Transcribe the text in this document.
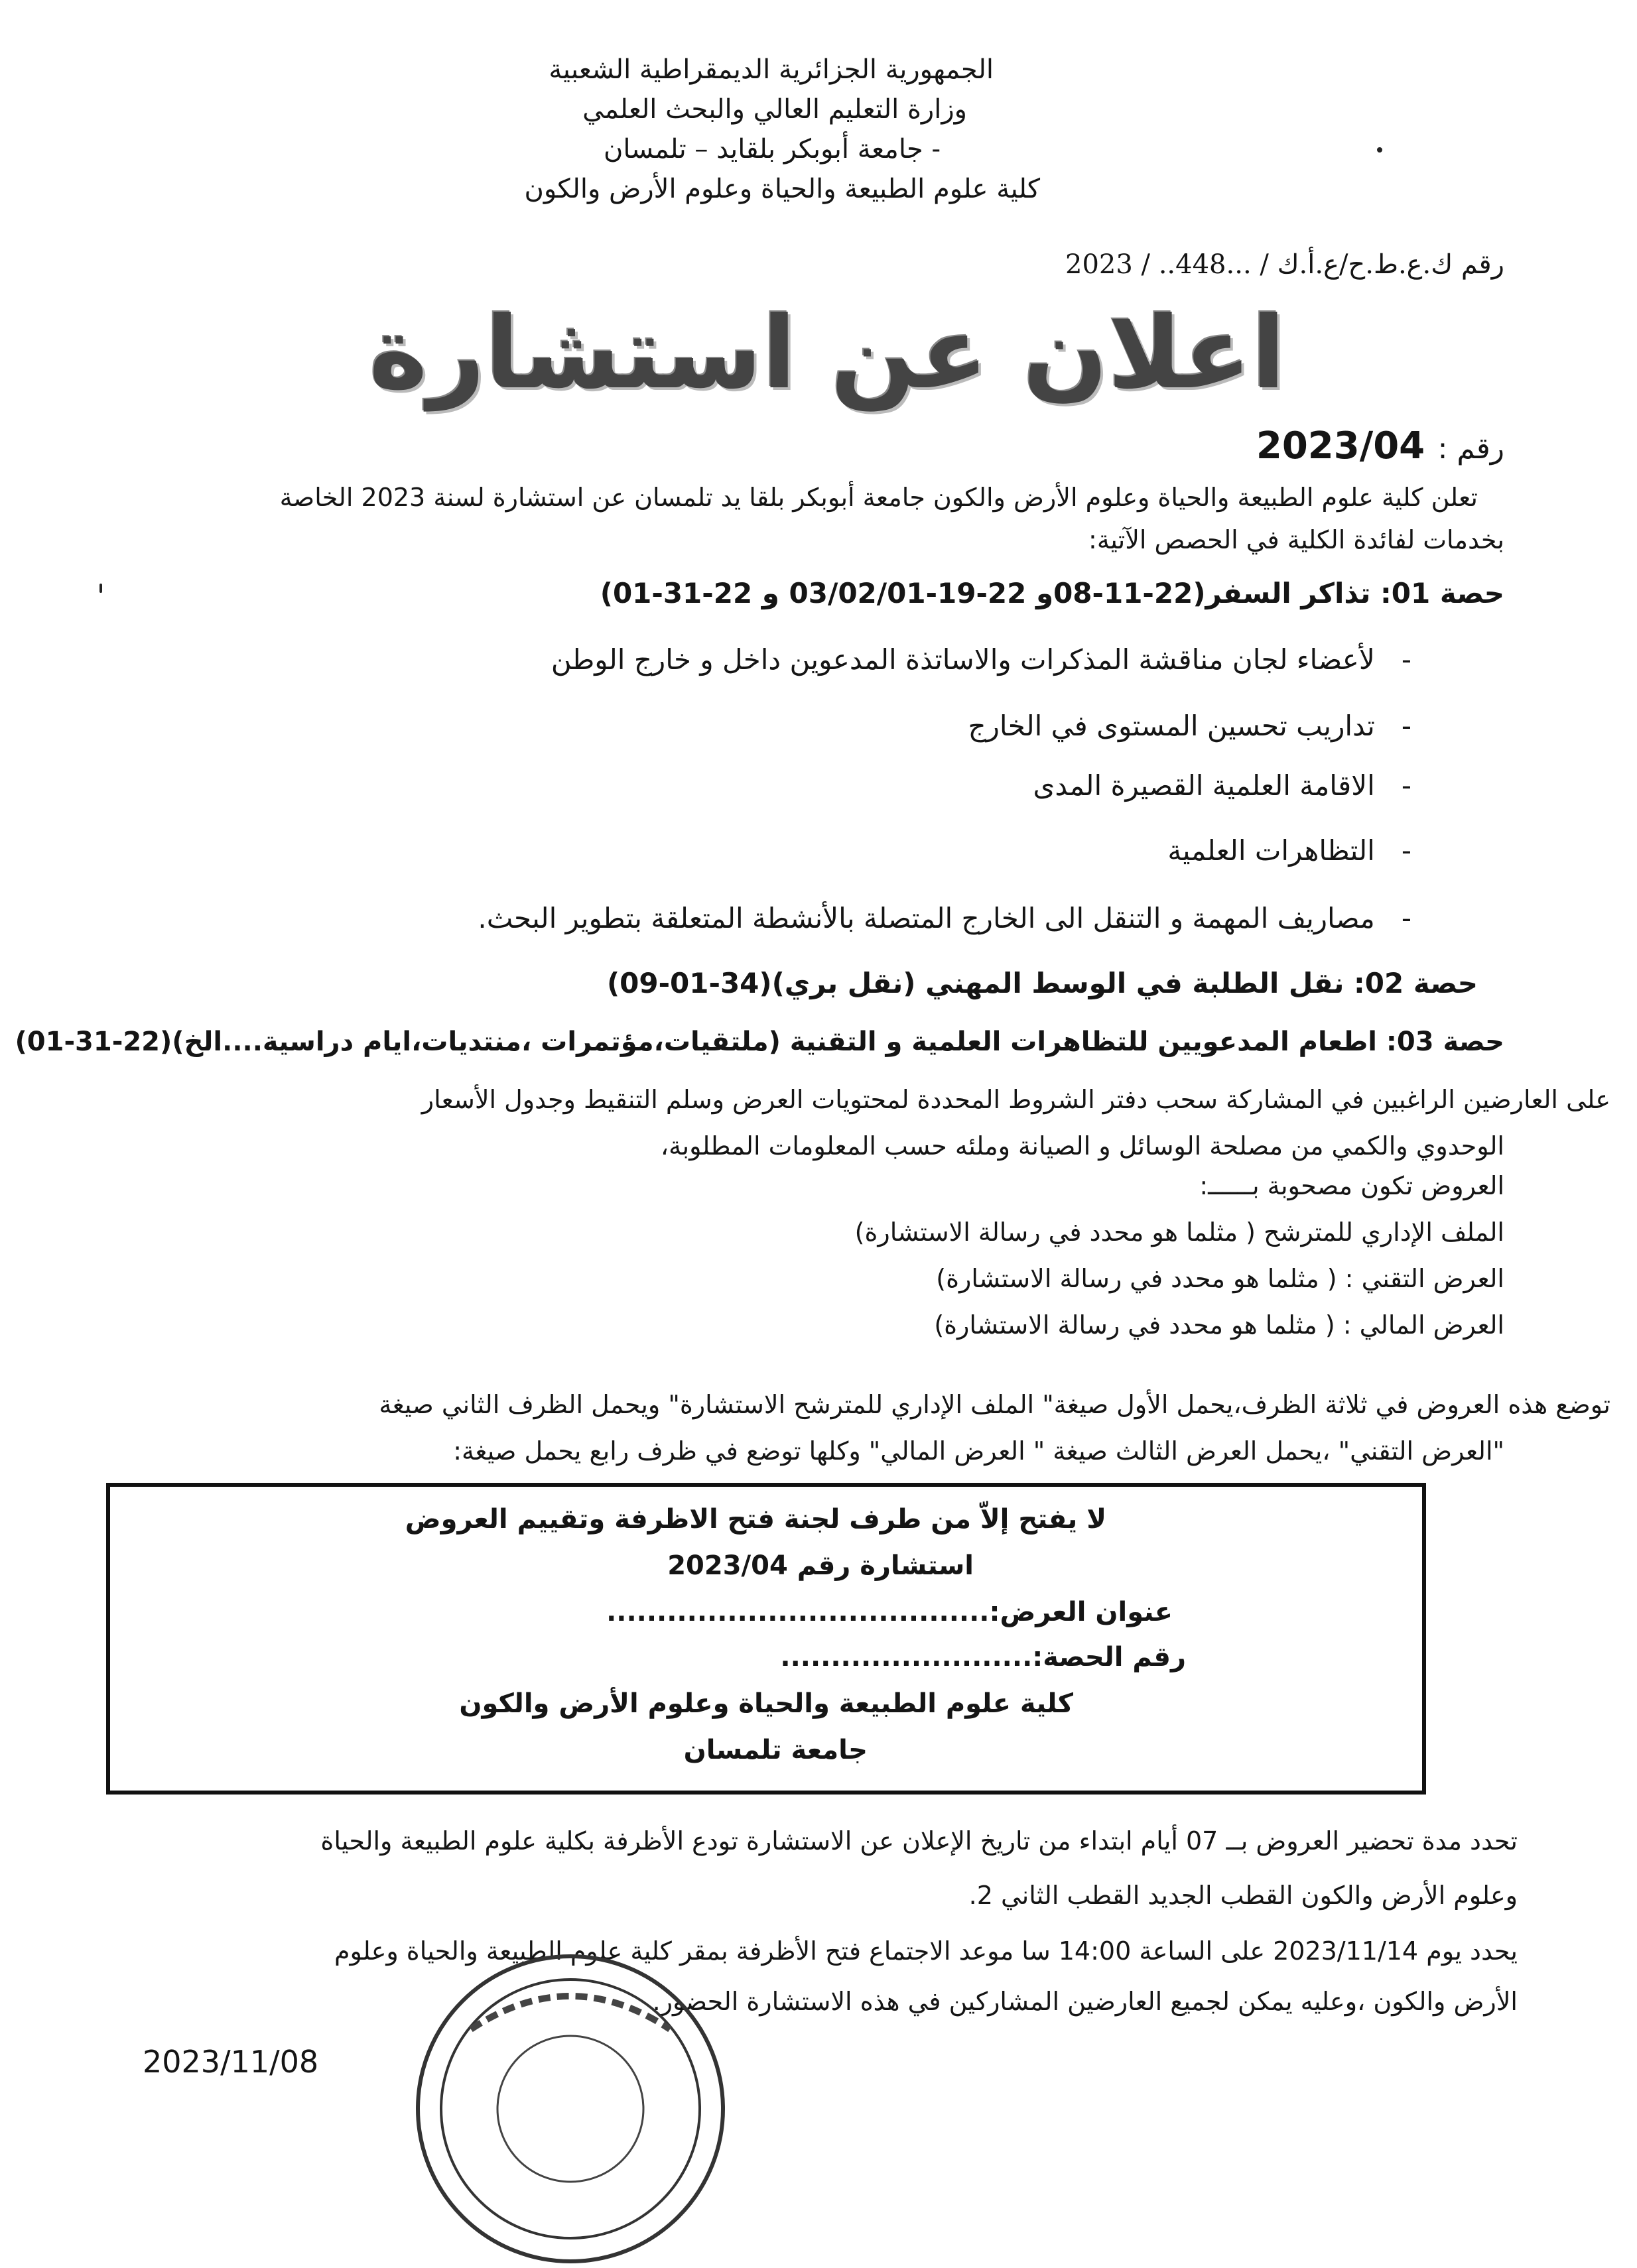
الجمهورية الجزائرية الديمقراطية الشعبية
وزارة التعليم العالي والبحث العلمي
- جامعة أبوبكر بلقايد – تلمسان
كلية علوم الطبيعة والحياة وعلوم الأرض والكون
رقم ك.ع.ط.ح/ع.أ.ك / ...448.. / 2023
اعلان عن استشارة
رقم : 2023/04
تعلن كلية علوم الطبيعة والحياة وعلوم الأرض والكون جامعة أبوبكر بلقا يد تلمسان عن استشارة لسنة 2023 الخاصة
بخدمات لفائدة الكلية في الحصص الآتية:
حصة 01: تذاكر السفر(22-11-08و 22-19-03/02/01 و 22-31-01)
-   لأعضاء لجان مناقشة المذكرات والاساتذة المدعوين داخل و خارج الوطن
-   تداريب تحسين المستوى في الخارج
-   الاقامة العلمية القصيرة المدى
-   التظاهرات العلمية
-   مصاريف المهمة و التنقل الى الخارج المتصلة بالأنشطة المتعلقة بتطوير البحث.
حصة 02: نقل الطلبة في الوسط المهني (نقل بري)(34-01-09)
حصة 03: اطعام المدعويين للتظاهرات العلمية و التقنية (ملتقيات،مؤتمرات ،منتديات،ايام دراسية....الخ)(22-31-01)
على العارضين الراغبين في المشاركة سحب دفتر الشروط المحددة لمحتويات العرض وسلم التنقيط وجدول الأسعار
الوحدوي والكمي من مصلحة الوسائل و الصيانة وملئه حسب المعلومات المطلوبة،
العروض تكون مصحوبة بــــــ:
الملف الإداري للمترشح ( مثلما هو محدد في رسالة الاستشارة)
العرض التقني : ( مثلما هو محدد في رسالة الاستشارة)
العرض المالي : ( مثلما هو محدد في رسالة الاستشارة)
توضع هذه العروض في ثلاثة الظرف،يحمل الأول صيغة" الملف الإداري للمترشح الاستشارة" ويحمل الظرف الثاني صيغة
"العرض التقني" ،يحمل العرض الثالث صيغة " العرض المالي" وكلها توضع في ظرف رابع يحمل صيغة:
لا يفتح إلاّ من طرف لجنة فتح الاظرفة وتقييم العروض
استشارة رقم 2023/04
عنوان العرض:......................................
رقم الحصة:.........................
كلية علوم الطبيعة والحياة وعلوم الأرض والكون
جامعة تلمسان
تحدد مدة تحضير العروض بــ 07 أيام ابتداء من تاريخ الإعلان عن الاستشارة تودع الأظرفة بكلية علوم الطبيعة والحياة
وعلوم الأرض والكون القطب الجديد القطب الثاني 2.
يحدد يوم 2023/11/14 على الساعة 14:00 سا موعد الاجتماع فتح الأظرفة بمقر كلية علوم الطبيعة والحياة وعلوم
الأرض والكون ،وعليه يمكن لجميع العارضين المشاركين في هذه الاستشارة الحضور.
2023/11/08
